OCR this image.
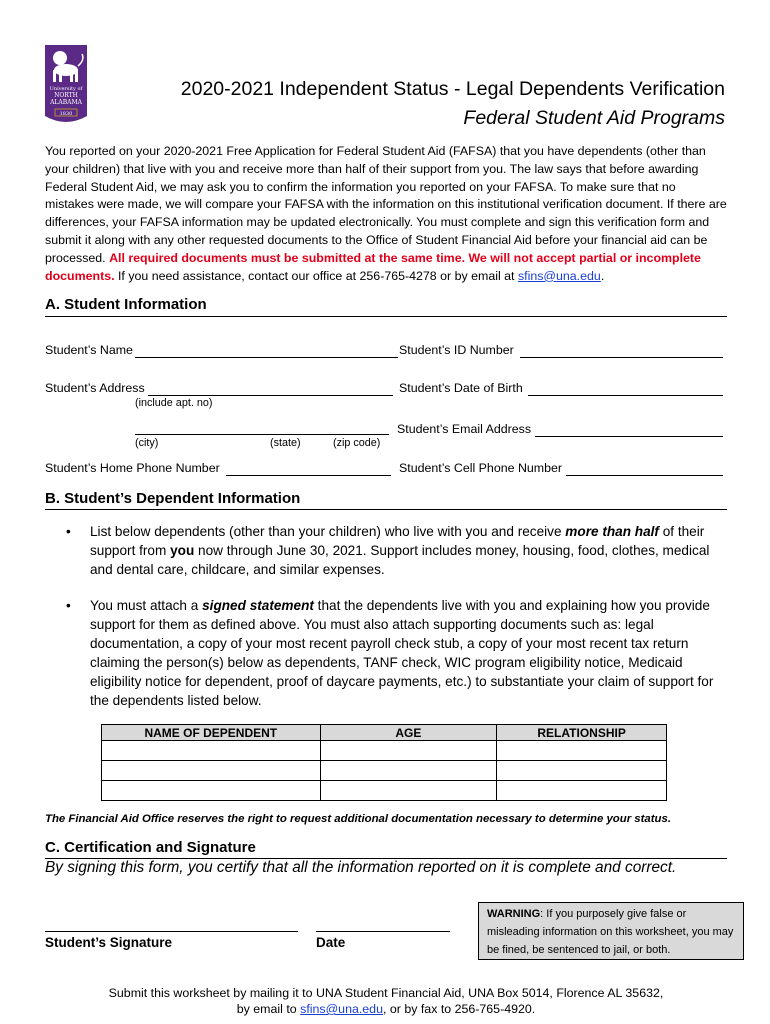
University of
NORTH
ALABAMA
1830
2020-2021 Independent Status - Legal Dependents Verification
Federal Student Aid Programs
You reported on your 2020-2021 Free Application for Federal Student Aid (FAFSA) that you have dependents (other than your children) that live with you and receive more than half of their support from you. The law says that before awarding Federal Student Aid, we may ask you to confirm the information you reported on your FAFSA. To make sure that no mistakes were made, we will compare your FAFSA with the information on this institutional verification document. If there are differences, your FAFSA information may be updated electronically. You must complete and sign this verification form and submit it along with any other requested documents to the Office of Student Financial Aid before your financial aid can be processed. All required documents must be submitted at the same time. We will not accept partial or incomplete documents. If you need assistance, contact our office at 256-765-4278 or by email at sfins@una.edu.
A. Student Information
Student’s Name	Student’s ID Number
Student’s Address	Student’s Date of Birth
(include apt. no)
Student’s Email Address
(city)	(state)	(zip code)
Student’s Home Phone Number	Student’s Cell Phone Number
B. Student’s Dependent Information
• List below dependents (other than your children) who live with you and receive more than half of their support from you now through June 30, 2021. Support includes money, housing, food, clothes, medical and dental care, childcare, and similar expenses.
• You must attach a signed statement that the dependents live with you and explaining how you provide support for them as defined above. You must also attach supporting documents such as: legal documentation, a copy of your most recent payroll check stub, a copy of your most recent tax return claiming the person(s) below as dependents, TANF check, WIC program eligibility notice, Medicaid eligibility notice for dependent, proof of daycare payments, etc.) to substantiate your claim of support for the dependents listed below.
NAME OF DEPENDENT	AGE	RELATIONSHIP

The Financial Aid Office reserves the right to request additional documentation necessary to determine your status.
C. Certification and Signature
By signing this form, you certify that all the information reported on it is complete and correct.
Student’s Signature	Date
WARNING: If you purposely give false or misleading information on this worksheet, you may be fined, be sentenced to jail, or both.
Submit this worksheet by mailing it to UNA Student Financial Aid, UNA Box 5014, Florence AL 35632,
by email to sfins@una.edu, or by fax to 256-765-4920.
